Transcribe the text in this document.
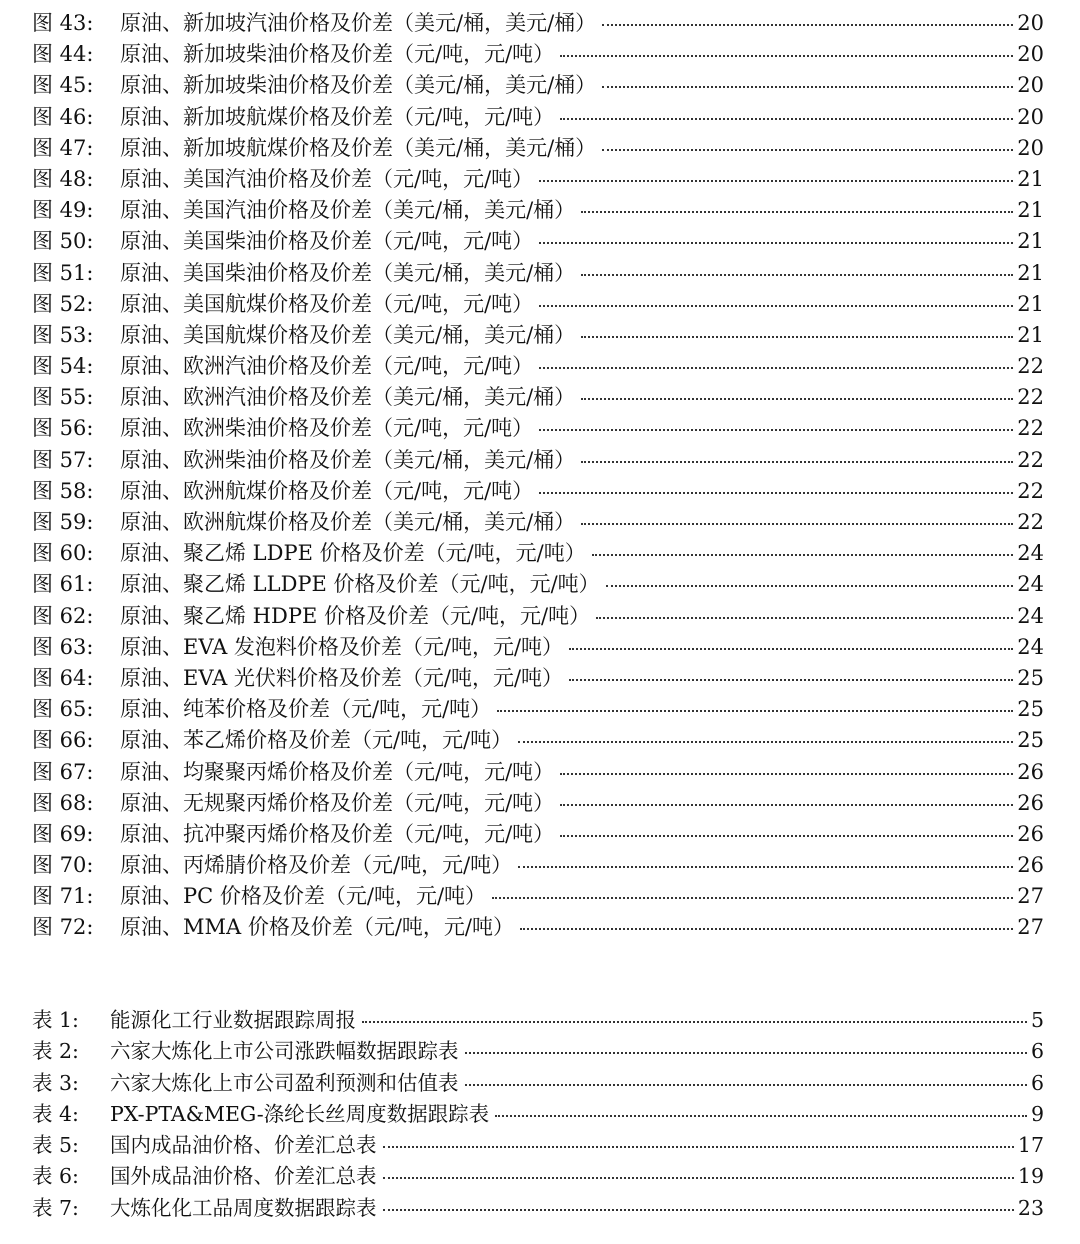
图 43:	原油、新加坡汽油价格及价差（美元/桶，美元/桶）	20
图 44:	原油、新加坡柴油价格及价差（元/吨，元/吨）	20
图 45:	原油、新加坡柴油价格及价差（美元/桶，美元/桶）	20
图 46:	原油、新加坡航煤价格及价差（元/吨，元/吨）	20
图 47:	原油、新加坡航煤价格及价差（美元/桶，美元/桶）	20
图 48:	原油、美国汽油价格及价差（元/吨，元/吨）	21
图 49:	原油、美国汽油价格及价差（美元/桶，美元/桶）	21
图 50:	原油、美国柴油价格及价差（元/吨，元/吨）	21
图 51:	原油、美国柴油价格及价差（美元/桶，美元/桶）	21
图 52:	原油、美国航煤价格及价差（元/吨，元/吨）	21
图 53:	原油、美国航煤价格及价差（美元/桶，美元/桶）	21
图 54:	原油、欧洲汽油价格及价差（元/吨，元/吨）	22
图 55:	原油、欧洲汽油价格及价差（美元/桶，美元/桶）	22
图 56:	原油、欧洲柴油价格及价差（元/吨，元/吨）	22
图 57:	原油、欧洲柴油价格及价差（美元/桶，美元/桶）	22
图 58:	原油、欧洲航煤价格及价差（元/吨，元/吨）	22
图 59:	原油、欧洲航煤价格及价差（美元/桶，美元/桶）	22
图 60:	原油、聚乙烯 LDPE 价格及价差（元/吨，元/吨）	24
图 61:	原油、聚乙烯 LLDPE 价格及价差（元/吨，元/吨）	24
图 62:	原油、聚乙烯 HDPE 价格及价差（元/吨，元/吨）	24
图 63:	原油、EVA 发泡料价格及价差（元/吨，元/吨）	24
图 64:	原油、EVA 光伏料价格及价差（元/吨，元/吨）	25
图 65:	原油、纯苯价格及价差（元/吨，元/吨）	25
图 66:	原油、苯乙烯价格及价差（元/吨，元/吨）	25
图 67:	原油、均聚聚丙烯价格及价差（元/吨，元/吨）	26
图 68:	原油、无规聚丙烯价格及价差（元/吨，元/吨）	26
图 69:	原油、抗冲聚丙烯价格及价差（元/吨，元/吨）	26
图 70:	原油、丙烯腈价格及价差（元/吨，元/吨）	26
图 71:	原油、PC 价格及价差（元/吨，元/吨）	27
图 72:	原油、MMA 价格及价差（元/吨，元/吨）	27
表 1:	能源化工行业数据跟踪周报	5
表 2:	六家大炼化上市公司涨跌幅数据跟踪表	6
表 3:	六家大炼化上市公司盈利预测和估值表	6
表 4:	PX-PTA&MEG-涤纶长丝周度数据跟踪表	9
表 5:	国内成品油价格、价差汇总表	17
表 6:	国外成品油价格、价差汇总表	19
表 7:	大炼化化工品周度数据跟踪表	23
